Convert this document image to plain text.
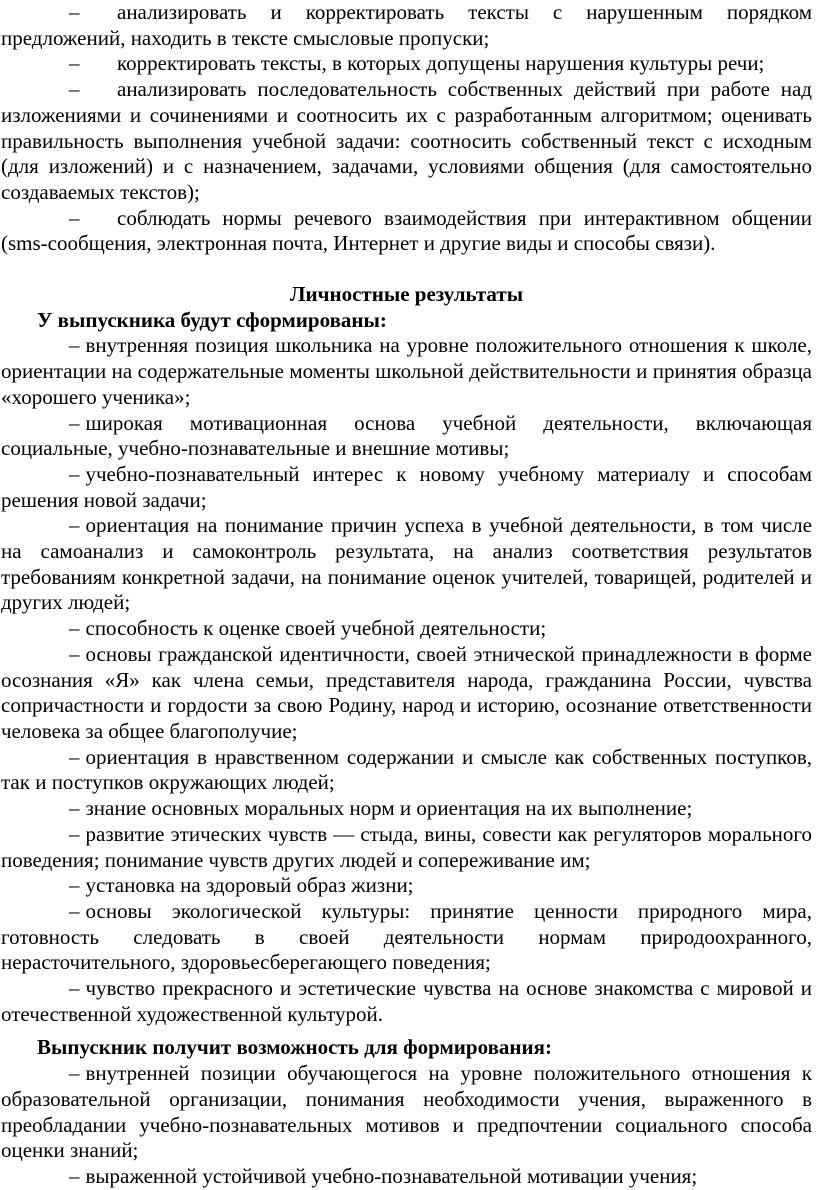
– анализировать и корректировать тексты с нарушенным порядком предложений, находить в тексте смысловые пропуски;

– корректировать тексты, в которых допущены нарушения культуры речи;

– анализировать последовательность собственных действий при работе над изложениями и сочинениями и соотносить их с разработанным алгоритмом; оценивать правильность выполнения учебной задачи: соотносить собственный текст с исходным (для изложений) и с назначением, задачами, условиями общения (для самостоятельно создаваемых текстов);

– соблюдать нормы речевого взаимодействия при интерактивном общении (sms-сообщения, электронная почта, Интернет и другие виды и способы связи).

Личностные результаты
У выпускника будут сформированы:

– внутренняя позиция школьника на уровне положительного отношения к школе, ориентации на содержательные моменты школьной действительности и принятия образца «хорошего ученика»;

– широкая мотивационная основа учебной деятельности, включающая социальные, учебно-познавательные и внешние мотивы;

– учебно-познавательный интерес к новому учебному материалу и способам решения новой задачи;

– ориентация на понимание причин успеха в учебной деятельности, в том числе на самоанализ и самоконтроль результата, на анализ соответствия результатов требованиям конкретной задачи, на понимание оценок учителей, товарищей, родителей и других людей;

– способность к оценке своей учебной деятельности;

– основы гражданской идентичности, своей этнической принадлежности в форме осознания «Я» как члена семьи, представителя народа, гражданина России, чувства сопричастности и гордости за свою Родину, народ и историю, осознание ответственности человека за общее благополучие;

– ориентация в нравственном содержании и смысле как собственных поступков, так и поступков окружающих людей;

– знание основных моральных норм и ориентация на их выполнение;

– развитие этических чувств — стыда, вины, совести как регуляторов морального поведения; понимание чувств других людей и сопереживание им;

– установка на здоровый образ жизни;

– основы экологической культуры: принятие ценности природного мира, готовность следовать в своей деятельности нормам природоохранного, нерасточительного, здоровьесберегающего поведения;

– чувство прекрасного и эстетические чувства на основе знакомства с мировой и отечественной художественной культурой.

Выпускник получит возможность для формирования:

– внутренней позиции обучающегося на уровне положительного отношения к образовательной организации, понимания необходимости учения, выраженного в преобладании учебно-познавательных мотивов и предпочтении социального способа оценки знаний;

– выраженной устойчивой учебно-познавательной мотивации учения;
